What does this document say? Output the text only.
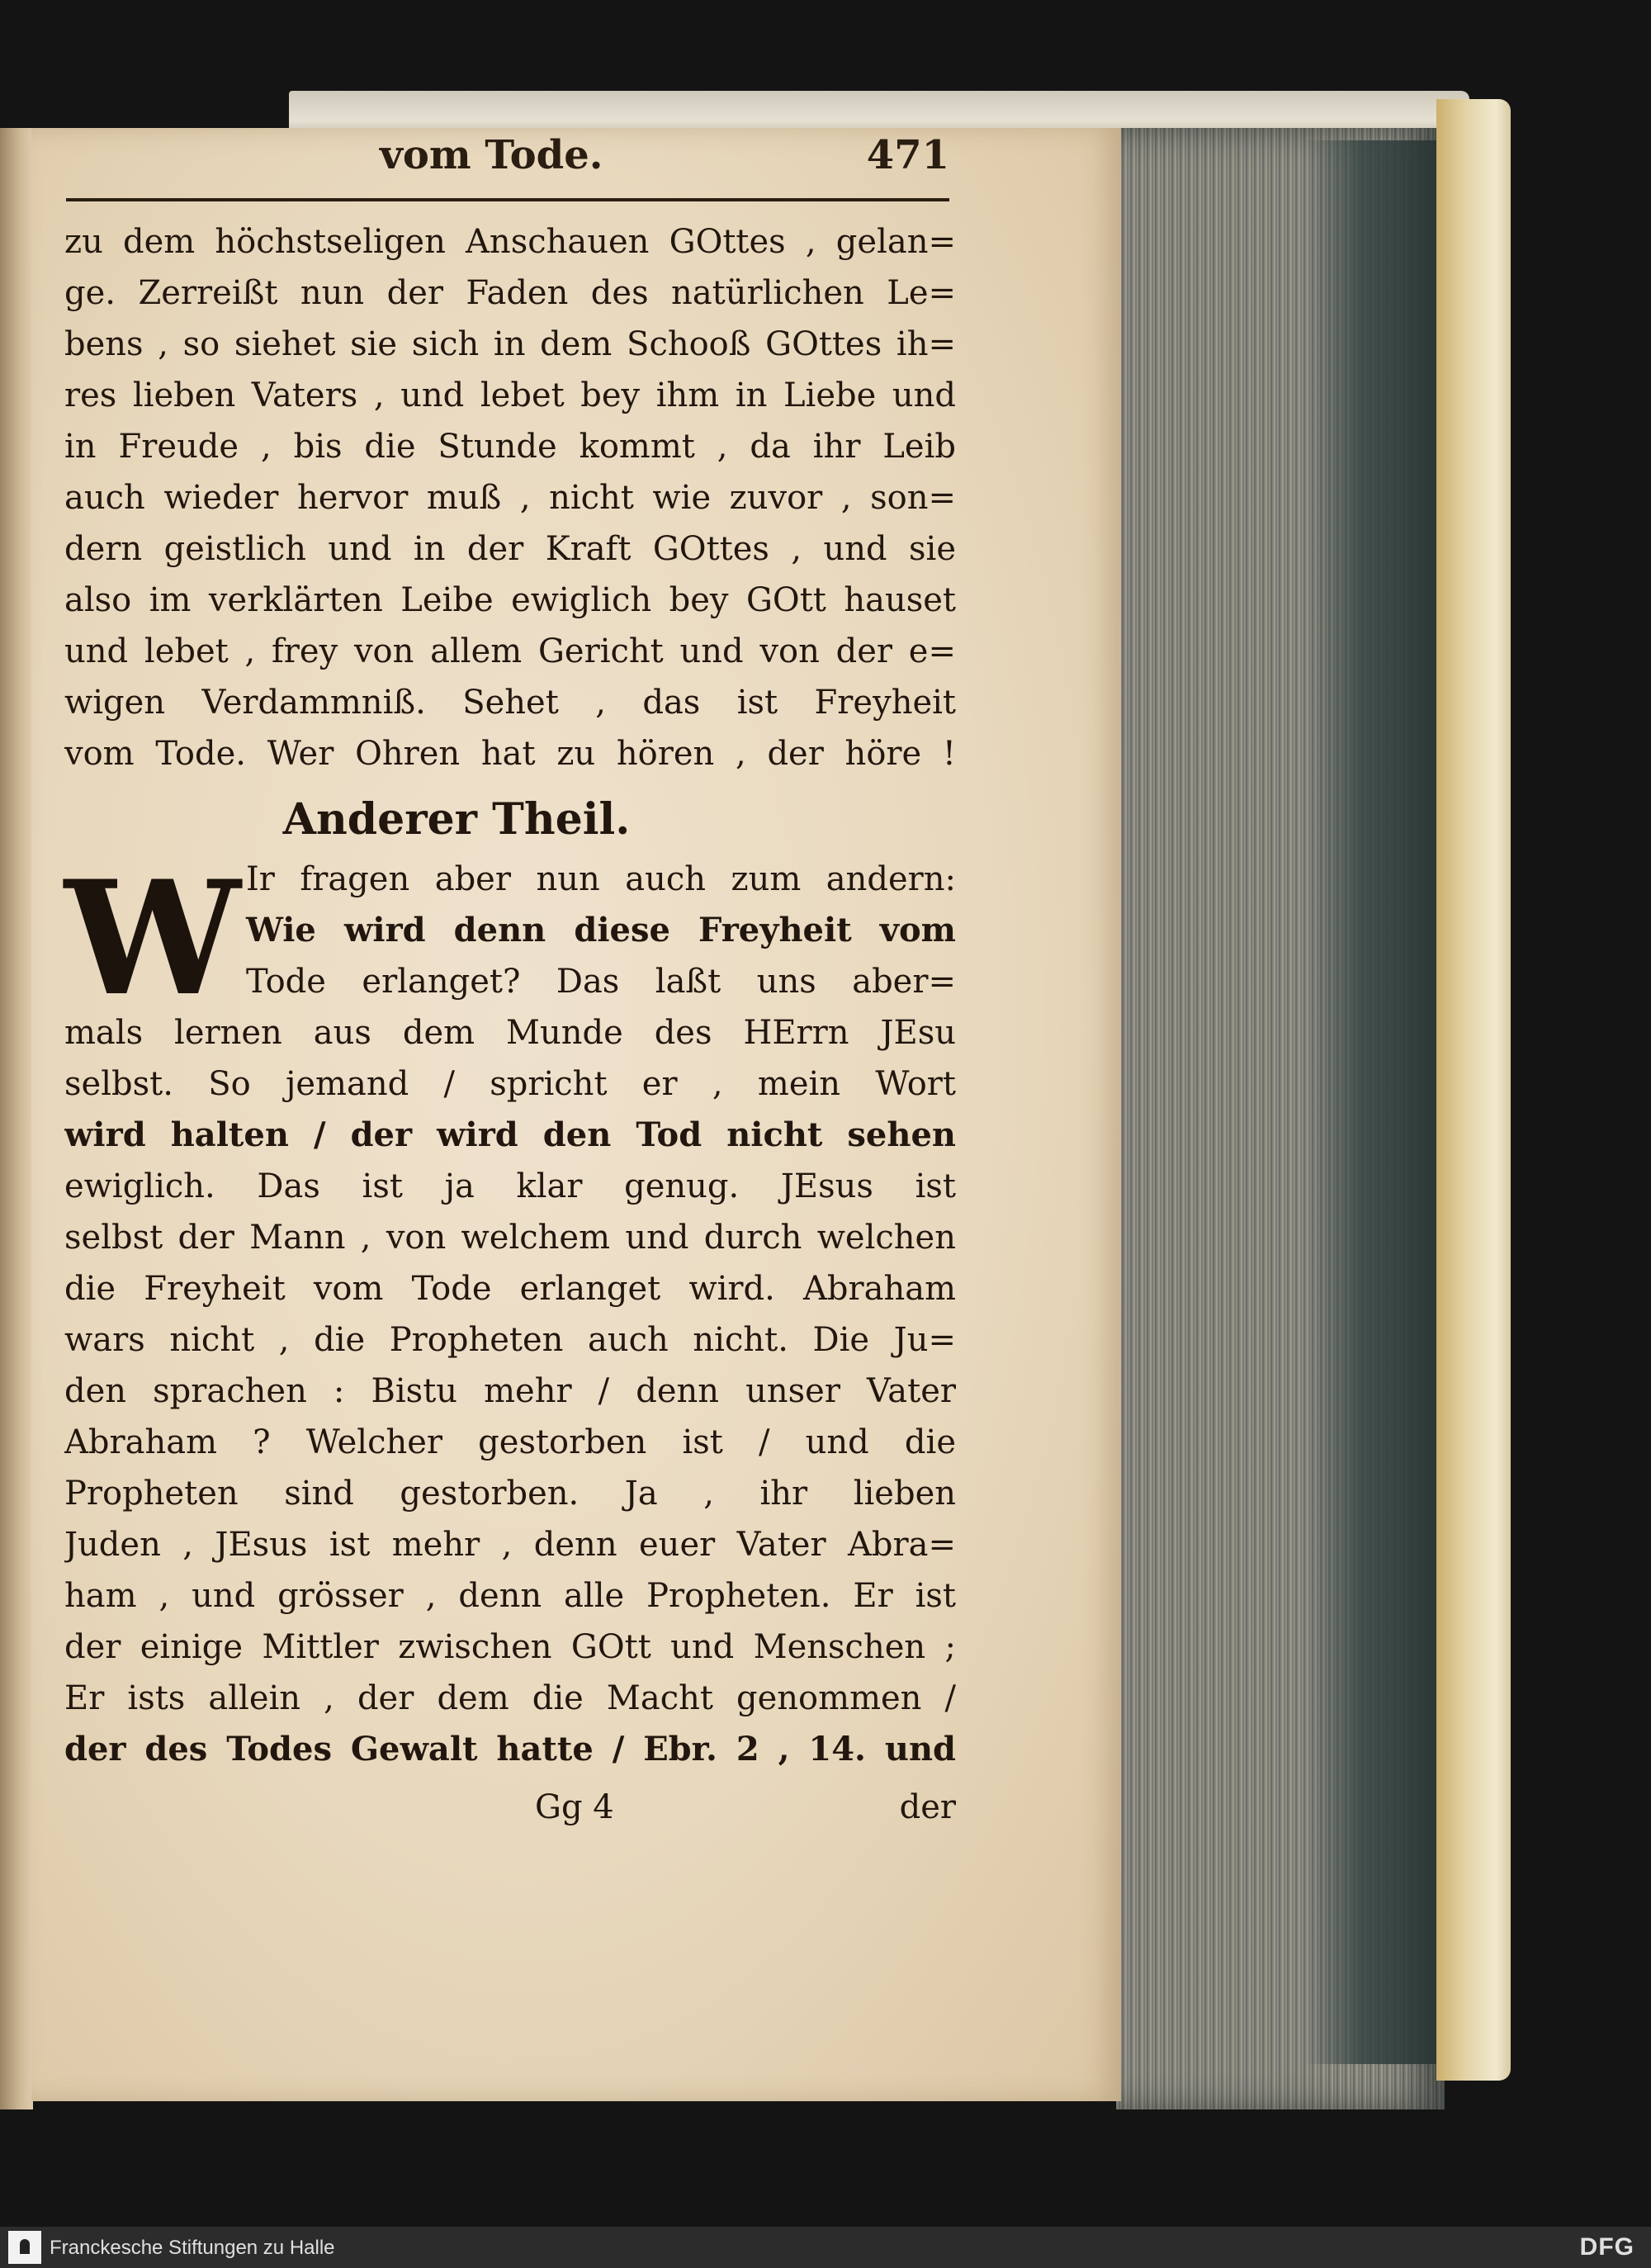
vom Tode.	471
zu dem höchstseligen Anschauen GOttes , gelan=
ge. Zerreißt nun der Faden des natürlichen Le=
bens , so siehet sie sich in dem Schooß GOttes ih=
res lieben Vaters , und lebet bey ihm in Liebe und
in Freude , bis die Stunde kommt , da ihr Leib
auch wieder hervor muß , nicht wie zuvor , son=
dern geistlich und in der Kraft GOttes , und sie
also im verklärten Leibe ewiglich bey GOtt hauset
und lebet , frey von allem Gericht und von der e=
wigen Verdammniß. Sehet , das ist Freyheit
vom Tode. Wer Ohren hat zu hören , der höre !
Anderer Theil.
W Ir fragen aber nun auch zum andern:
Wie wird denn diese Freyheit vom
Tode erlanget? Das laßt uns aber=
mals lernen aus dem Munde des HErrn JEsu
selbst. So jemand / spricht er , mein Wort
wird halten / der wird den Tod nicht sehen
ewiglich. Das ist ja klar genug. JEsus ist
selbst der Mann , von welchem und durch welchen
die Freyheit vom Tode erlanget wird. Abraham
wars nicht , die Propheten auch nicht. Die Ju=
den sprachen : Bistu mehr / denn unser Vater
Abraham ? Welcher gestorben ist / und die
Propheten sind gestorben. Ja , ihr lieben
Juden , JEsus ist mehr , denn euer Vater Abra=
ham , und grösser , denn alle Propheten. Er ist
der einige Mittler zwischen GOtt und Menschen ;
Er ists allein , der dem die Macht genommen /
der des Todes Gewalt hatte / Ebr. 2 , 14. und
Gg 4	der
Franckesche Stiftungen zu Halle	DFG
